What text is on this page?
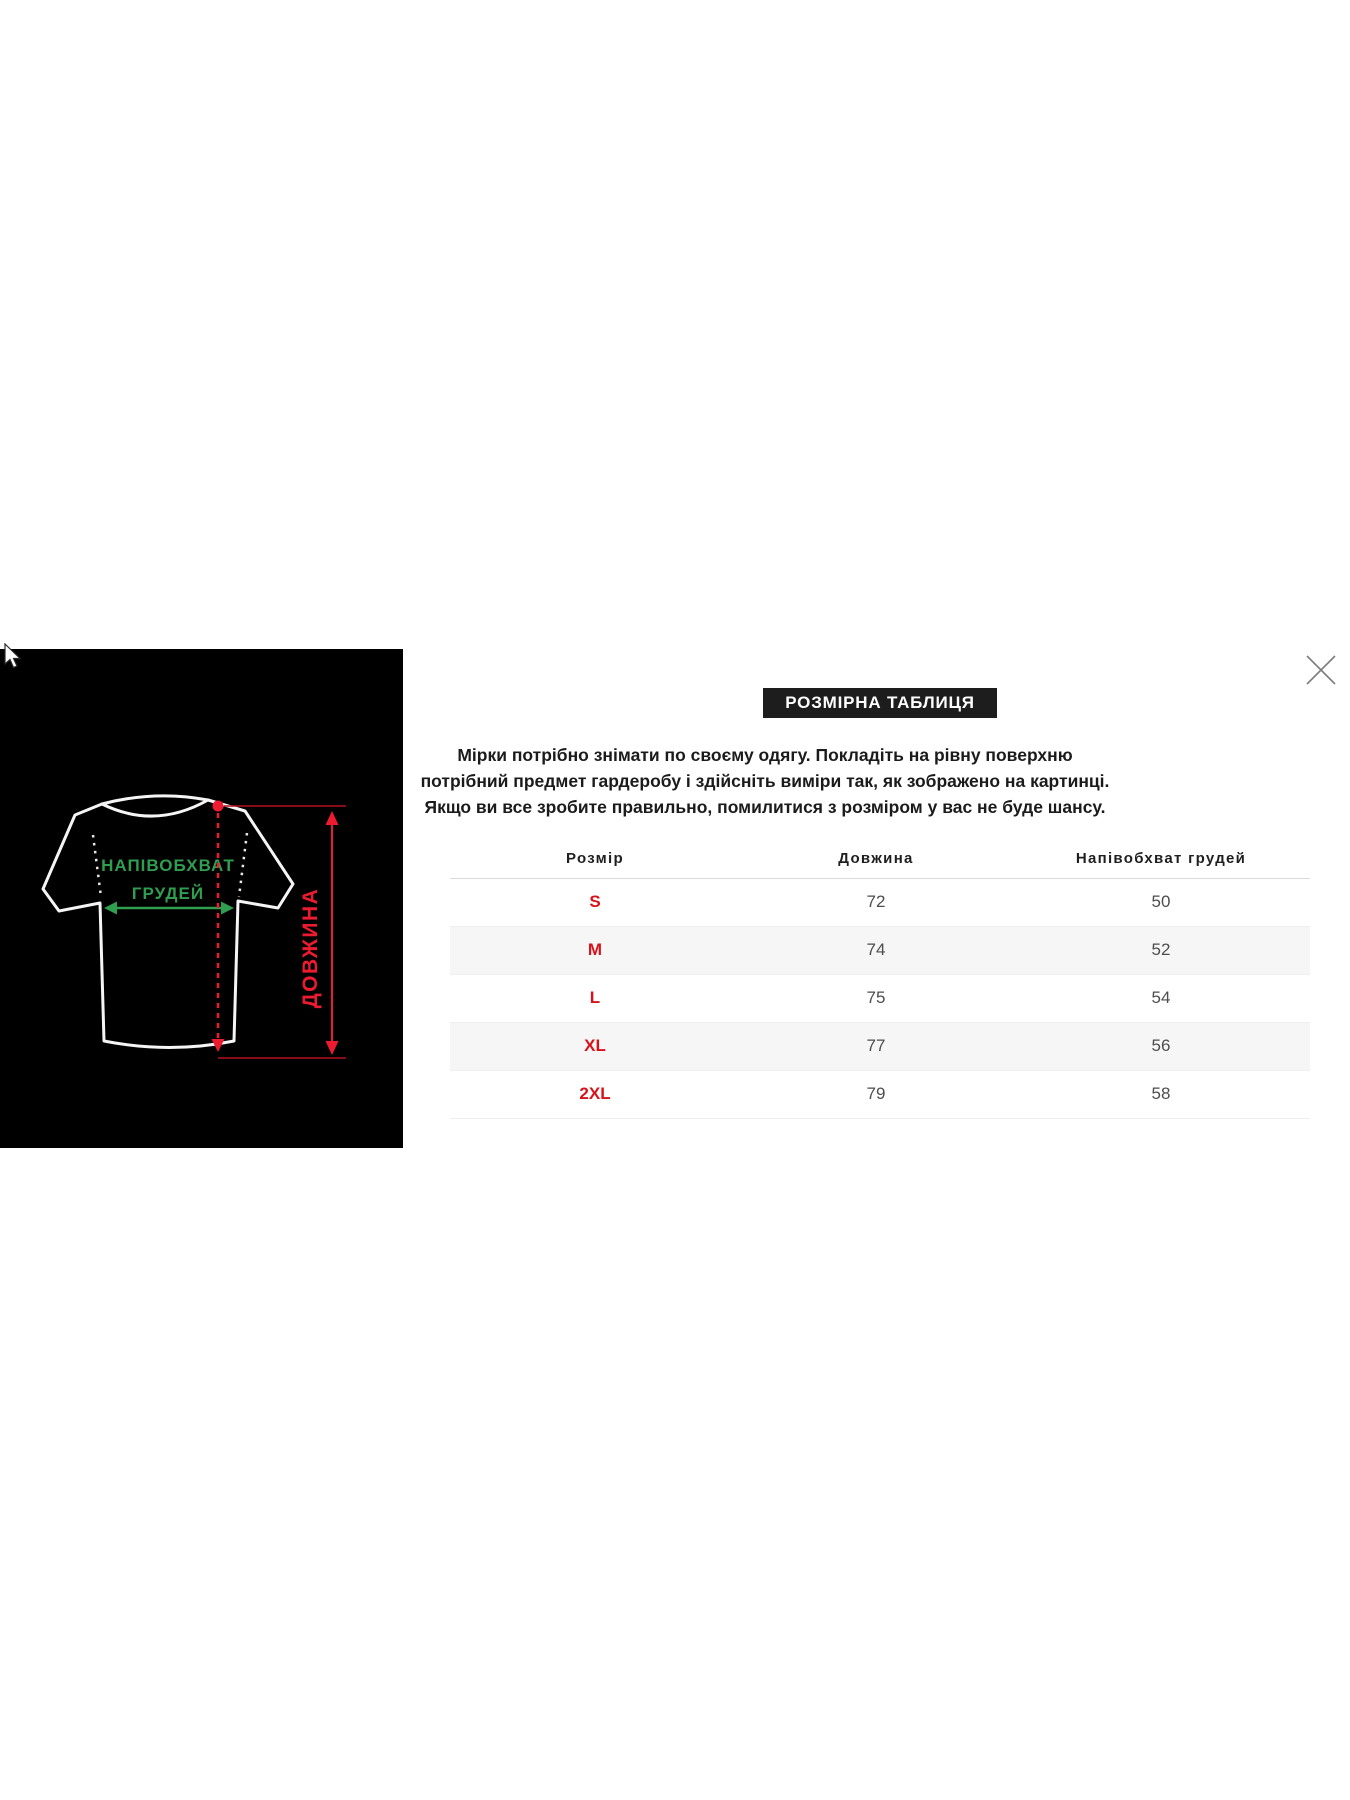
НАПІВОБХВАТ
ГРУДЕЙ	ДОВЖИНА
РОЗМІРНА ТАБЛИЦЯ

Мірки потрібно знімати по своєму одягу. Покладіть на рівну поверхню потрібний предмет гардеробу і здійсніть виміри так, як зображено на картинці. Якщо ви все зробите правильно, помилитися з розміром у вас не буде шансу.

Розмір	Довжина	Напівобхват грудей
S	72	50
M	74	52
L	75	54
XL	77	56
2XL	79	58
